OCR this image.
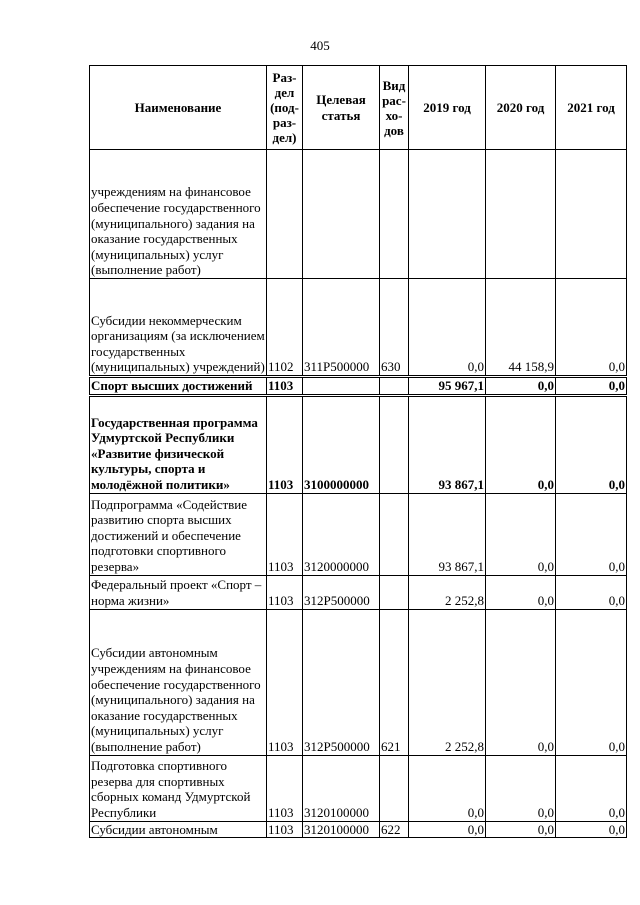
405
Наименование	Раз-
дел
(под-
раз-
дел)	Целевая
статья	Вид
рас-
хо-
дов	2019 год	2020 год	2021 год
учреждениям на финансовое обеспечение государственного (муниципального) задания на оказание государственных (муниципальных) услуг (выполнение работ)						
Субсидии некоммерческим организациям (за исключением государственных (муниципальных) учреждений)	1102	311P500000	630	0,0	44 158,9	0,0
Спорт высших достижений	1103			95 967,1	0,0	0,0
Государственная программа Удмуртской Республики «Развитие физической культуры, спорта и молодёжной политики»	1103	3100000000		93 867,1	0,0	0,0
Подпрограмма «Содействие развитию спорта высших достижений и обеспечение подготовки спортивного резерва»	1103	3120000000		93 867,1	0,0	0,0
Федеральный проект «Спорт – норма жизни»	1103	312P500000		2 252,8	0,0	0,0
Субсидии автономным учреждениям на финансовое обеспечение государственного (муниципального) задания на оказание государственных (муниципальных) услуг (выполнение работ)	1103	312P500000	621	2 252,8	0,0	0,0
Подготовка спортивного резерва для спортивных сборных команд Удмуртской Республики	1103	3120100000		0,0	0,0	0,0
Субсидии автономным	1103	3120100000	622	0,0	0,0	0,0
